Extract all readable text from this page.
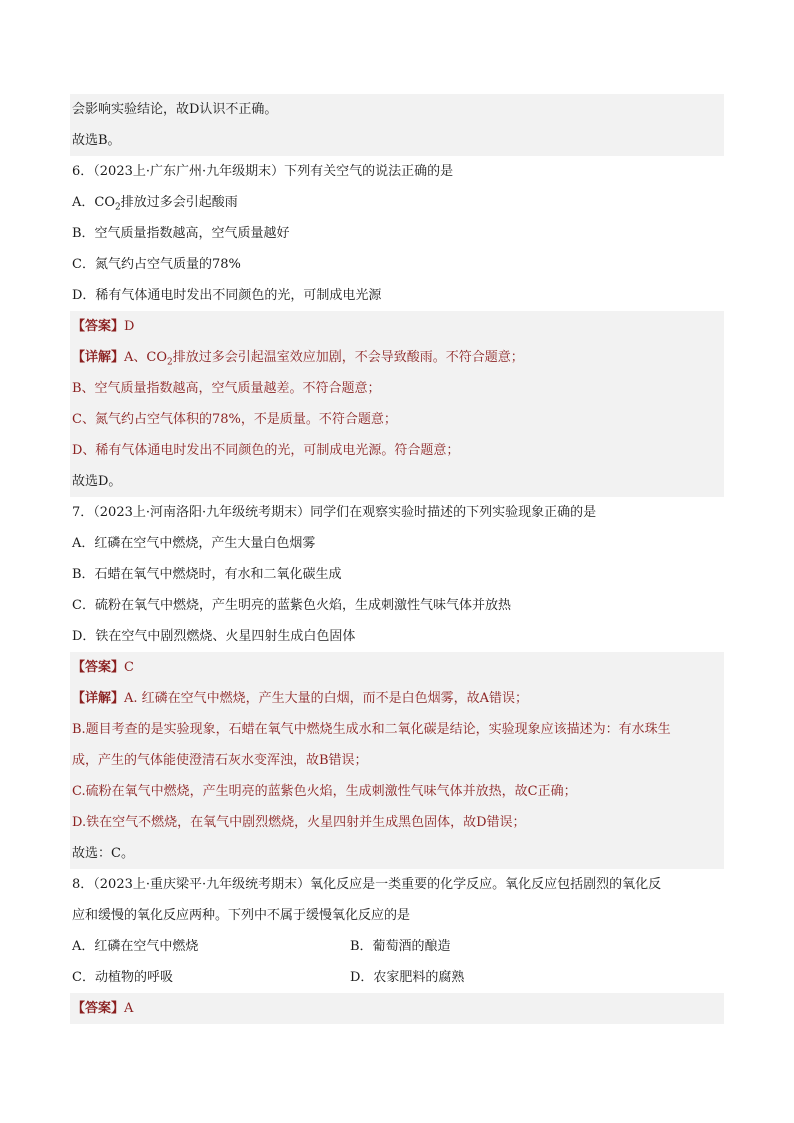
会影响实验结论，故D认识不正确。
故选B。
6．（2023上·广东广州·九年级期末）下列有关空气的说法正确的是
A．$CO_2$排放过多会引起酸雨
B．空气质量指数越高，空气质量越好
C．氮气约占空气质量的78%
D．稀有气体通电时发出不同颜色的光，可制成电光源
【答案】D
【详解】A、$CO_2$排放过多会引起温室效应加剧，不会导致酸雨。不符合题意；
B、空气质量指数越高，空气质量越差。不符合题意；
C、氮气约占空气体积的78%，不是质量。不符合题意；
D、稀有气体通电时发出不同颜色的光，可制成电光源。符合题意；
故选D。
7．（2023上·河南洛阳·九年级统考期末）同学们在观察实验时描述的下列实验现象正确的是
A．红磷在空气中燃烧，产生大量白色烟雾
B．石蜡在氧气中燃烧时，有水和二氧化碳生成
C．硫粉在氧气中燃烧，产生明亮的蓝紫色火焰，生成刺激性气味气体并放热
D．铁在空气中剧烈燃烧、火星四射生成白色固体
【答案】C
【详解】A. 红磷在空气中燃烧，产生大量的白烟，而不是白色烟雾，故A错误；
B.题目考查的是实验现象，石蜡在氧气中燃烧生成水和二氧化碳是结论，实验现象应该描述为：有水珠生
成，产生的气体能使澄清石灰水变浑浊，故B错误；
C.硫粉在氧气中燃烧，产生明亮的蓝紫色火焰，生成刺激性气味气体并放热，故C正确；
D.铁在空气不燃烧，在氧气中剧烈燃烧，火星四射并生成黑色固体，故D错误；
故选：C。
8．（2023上·重庆梁平·九年级统考期末）氧化反应是一类重要的化学反应。氧化反应包括剧烈的氧化反
应和缓慢的氧化反应两种。下列中不属于缓慢氧化反应的是
A．红磷在空气中燃烧	B．葡萄酒的酿造
C．动植物的呼吸	D．农家肥料的腐熟
【答案】A
